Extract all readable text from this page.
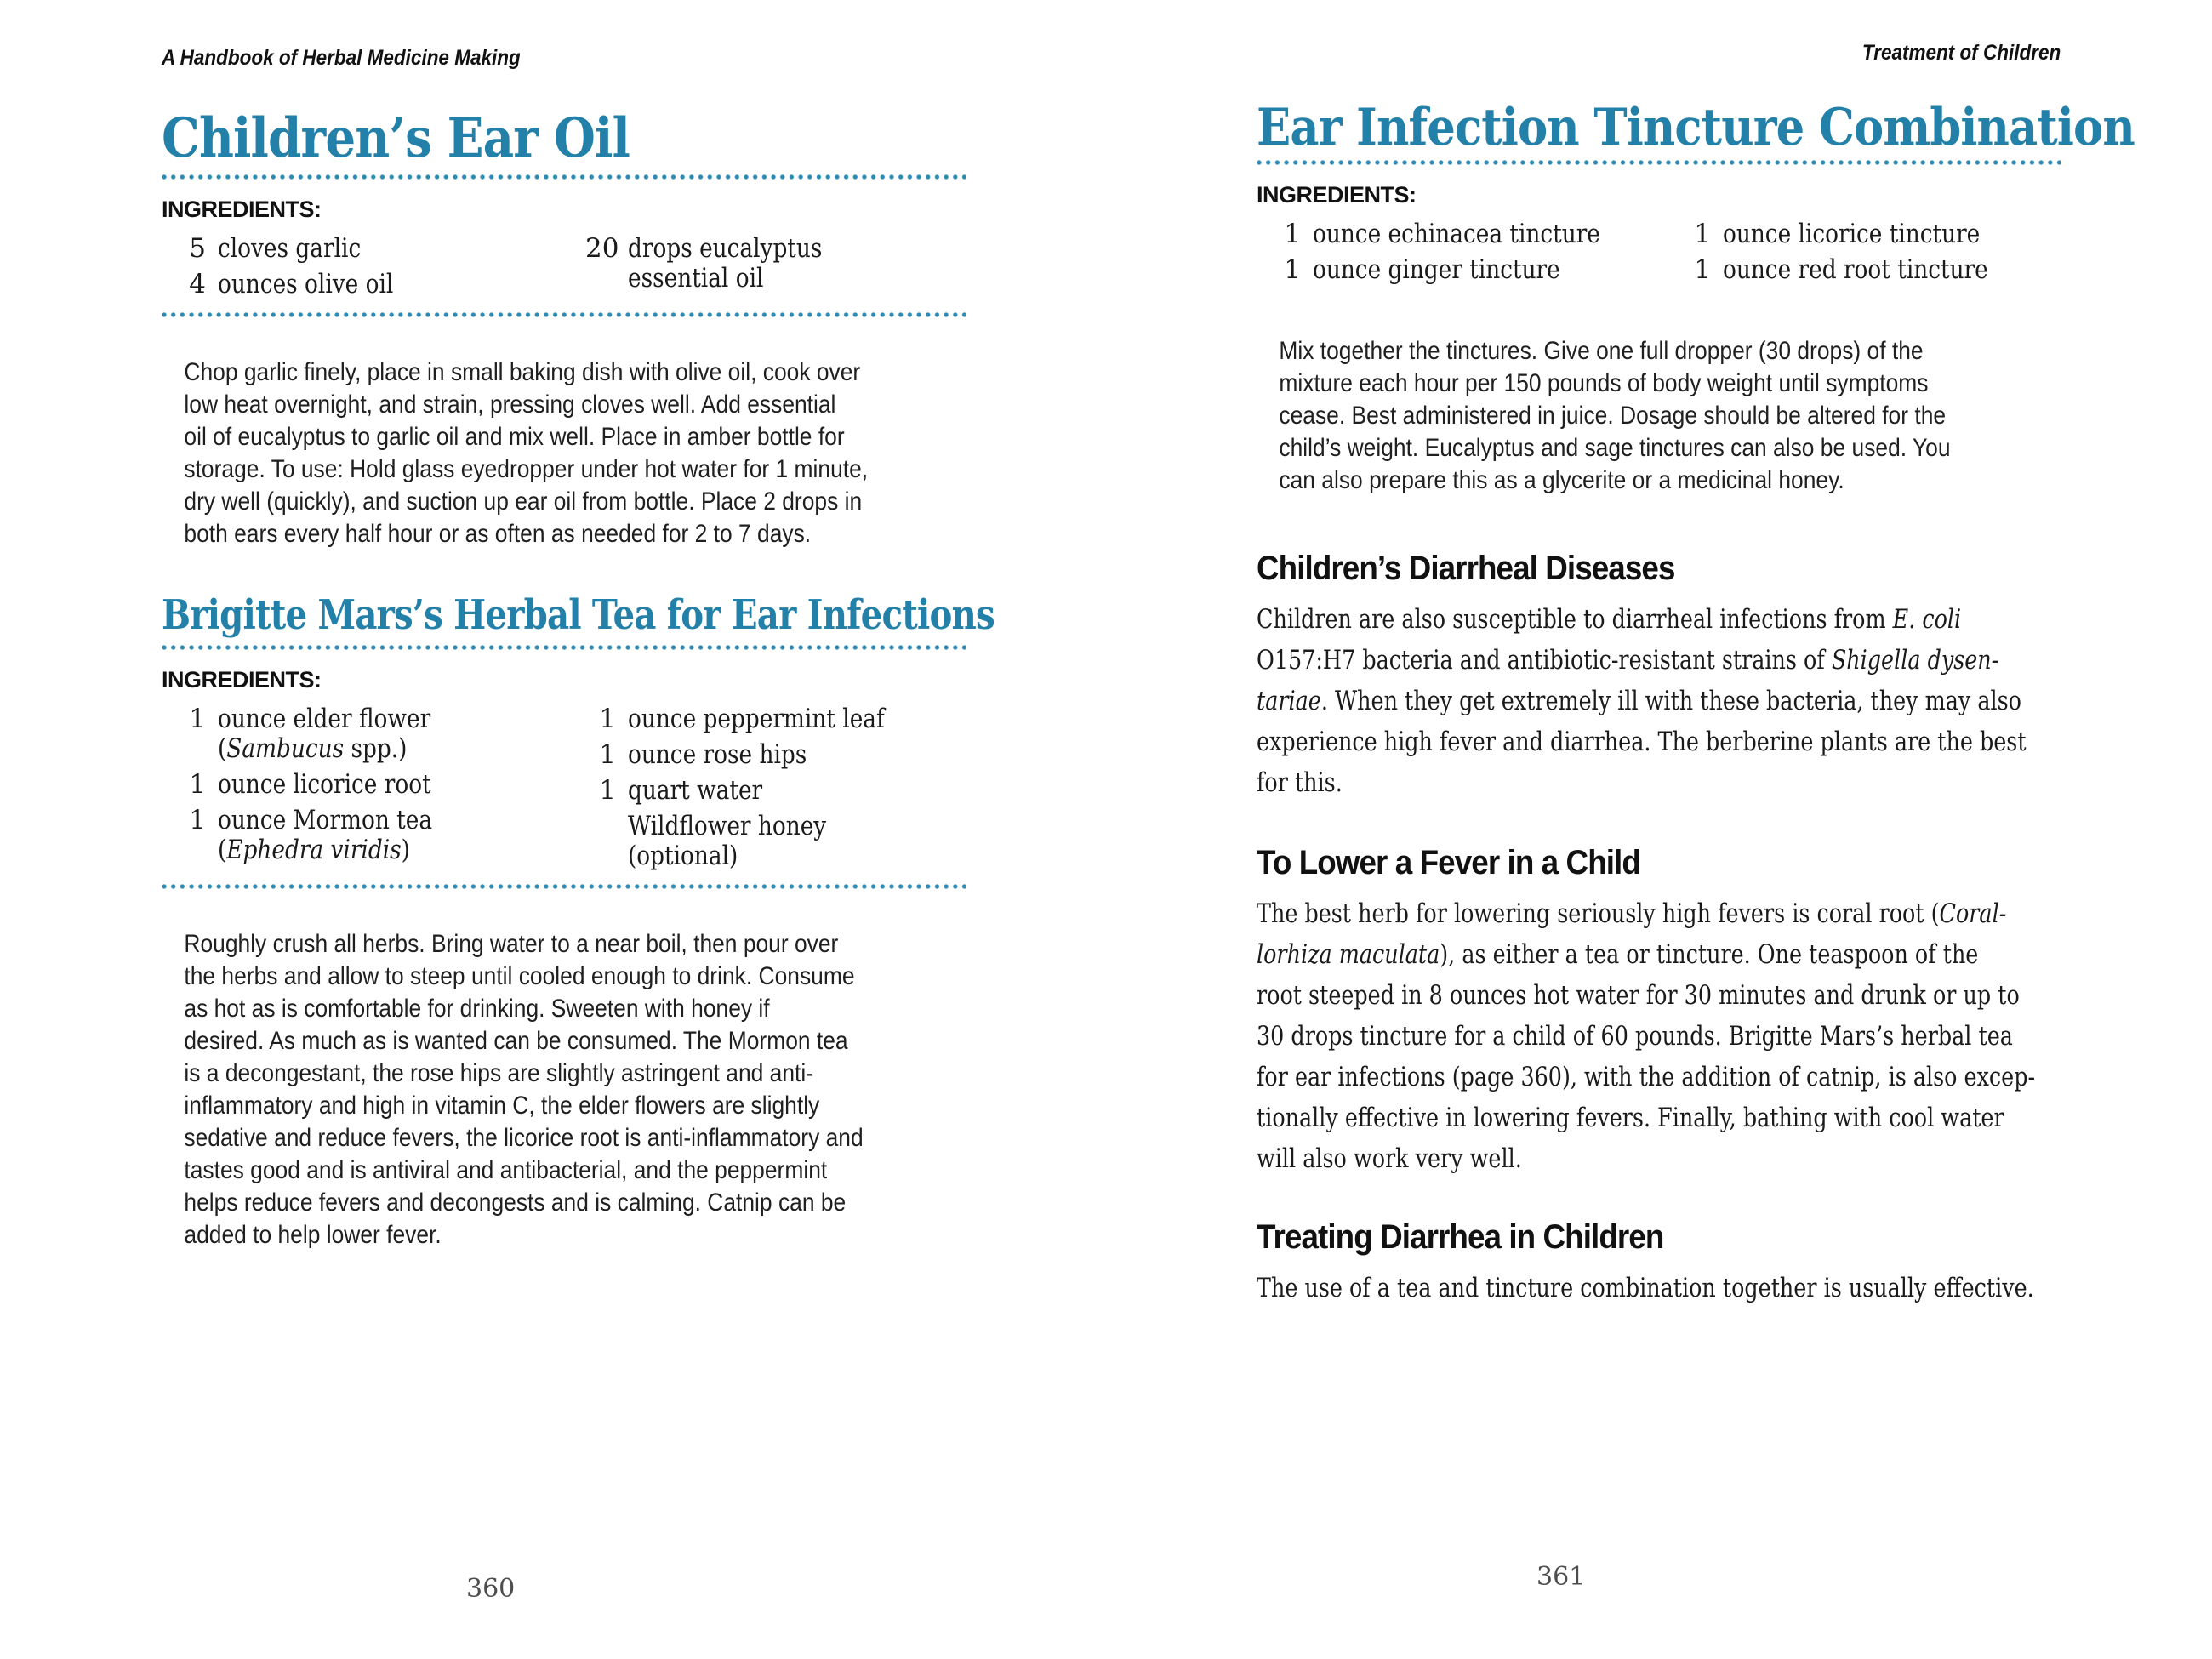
A Handbook of Herbal Medicine Making
Children’s Ear Oil
INGREDIENTS:
5 cloves garlic
4 ounces olive oil
20 drops eucalyptus
essential oil

Chop garlic finely, place in small baking dish with olive oil, cook over
low heat overnight, and strain, pressing cloves well. Add essential
oil of eucalyptus to garlic oil and mix well. Place in amber bottle for
storage. To use: Hold glass eyedropper under hot water for 1 minute,
dry well (quickly), and suction up ear oil from bottle. Place 2 drops in
both ears every half hour or as often as needed for 2 to 7 days.

Brigitte Mars’s Herbal Tea for Ear Infections
INGREDIENTS:
1 ounce elder flower
(Sambucus spp.)
1 ounce licorice root
1 ounce Mormon tea
(Ephedra viridis)
1 ounce peppermint leaf
1 ounce rose hips
1 quart water
Wildflower honey
(optional)

Roughly crush all herbs. Bring water to a near boil, then pour over
the herbs and allow to steep until cooled enough to drink. Consume
as hot as is comfortable for drinking. Sweeten with honey if
desired. As much as is wanted can be consumed. The Mormon tea
is a decongestant, the rose hips are slightly astringent and anti-
inflammatory and high in vitamin C, the elder flowers are slightly
sedative and reduce fevers, the licorice root is anti-inflammatory and
tastes good and is antiviral and antibacterial, and the peppermint
helps reduce fevers and decongests and is calming. Catnip can be
added to help lower fever.

Treatment of Children
Ear Infection Tincture Combination
INGREDIENTS:
1 ounce echinacea tincture
1 ounce ginger tincture
1 ounce licorice tincture
1 ounce red root tincture

Mix together the tinctures. Give one full dropper (30 drops) of the
mixture each hour per 150 pounds of body weight until symptoms
cease. Best administered in juice. Dosage should be altered for the
child’s weight. Eucalyptus and sage tinctures can also be used. You
can also prepare this as a glycerite or a medicinal honey.

Children’s Diarrheal Diseases

Children are also susceptible to diarrheal infections from E. coli
O157:H7 bacteria and antibiotic-resistant strains of Shigella dysen-
tariae. When they get extremely ill with these bacteria, they may also
experience high fever and diarrhea. The berberine plants are the best
for this.

To Lower a Fever in a Child

The best herb for lowering seriously high fevers is coral root (Coral-
lorhiza maculata), as either a tea or tincture. One teaspoon of the
root steeped in 8 ounces hot water for 30 minutes and drunk or up to
30 drops tincture for a child of 60 pounds. Brigitte Mars’s herbal tea
for ear infections (page 360), with the addition of catnip, is also excep-
tionally effective in lowering fevers. Finally, bathing with cool water
will also work very well.

Treating Diarrhea in Children

The use of a tea and tincture combination together is usually effective.

360	361
